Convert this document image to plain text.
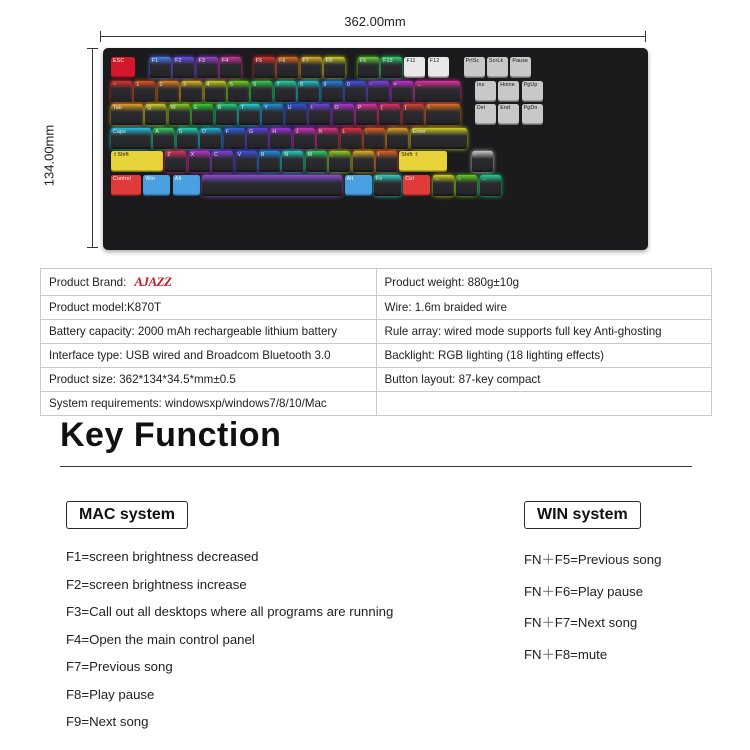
362.00mm
134.00mm
ESC	F1	F2	F3	F4	F5	F6	F7	F8	F9	F10	F11	F12	PrtSc ScrLk Pause
~	1	2	3	4	5	6	7	8	9	0	-	=	←	Ins	Home PgUp
Tab	Q	W	E	R	T	Y	U	I	O	P	[	]	\	Del	End	PgDn
Caps	A	S	D	F	G	H	J	K	L	;	'	Enter
⇧Shift	Z	X	C	V	B	N	M	,	.	/	Shift ⇧	↑
Control	Win	Alt	Alt	Fn	Ctrl	←	↓	→
Product Brand: AJAZZ	Product weight: 880g±10g
Product model:K870T	Wire: 1.6m braided wire
Battery capacity: 2000 mAh rechargeable lithium battery	Rule array: wired mode supports full key Anti-ghosting
Interface type: USB wired and Broadcom Bluetooth 3.0	Backlight: RGB lighting (18 lighting effects)
Product size: 362*134*34.5*mm±0.5	Button layout: 87-key compact
System requirements: windowsxp/windows7/8/10/Mac	
Key Function
MAC system
F1=screen brightness decreased
F2=screen brightness increase
F3=Call out all desktops where all programs are running
F4=Open the main control panel
F7=Previous song
F8=Play pause
F9=Next song
WIN system
FN＋F5=Previous song
FN＋F6=Play pause
FN＋F7=Next song
FN＋F8=mute
